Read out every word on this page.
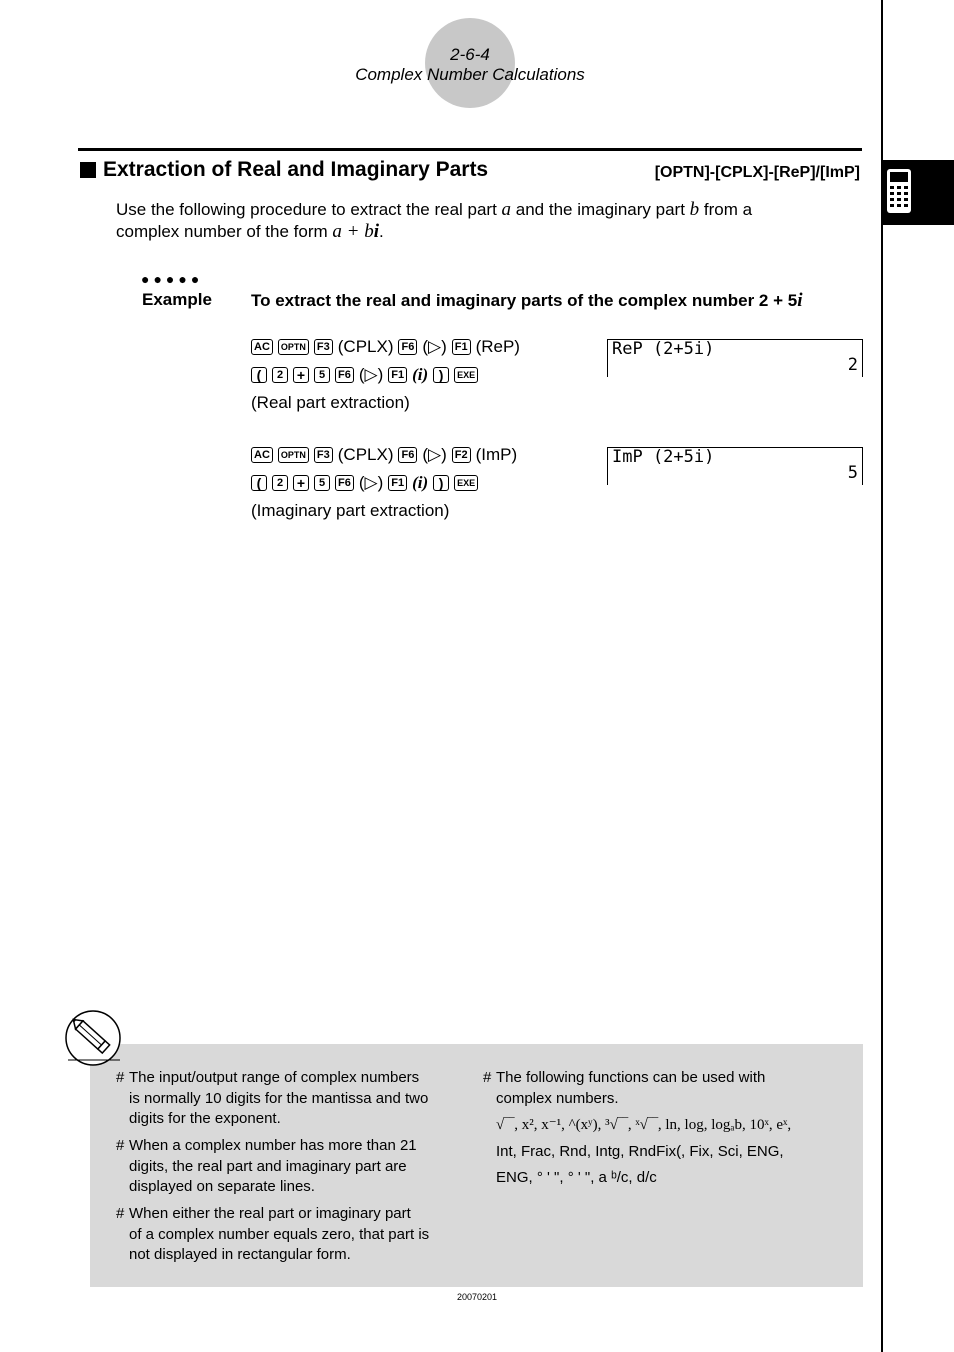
2-6-4
Complex Number Calculations
Extraction of Real and Imaginary Parts	[OPTN]-[CPLX]-[ReP]/[ImP]
Use the following procedure to extract the real part a and the imaginary part b from a
complex number of the form a + bi.
●●●●●
Example To extract the real and imaginary parts of the complex number 2 + 5i
AC	OPTN F3 (CPLX) F6 (▷) F1 (ReP)
(	2 +	5	F6 (▷) F1 (i) )	EXE
(Real part extraction)
ReP (2+5i)
2
AC	OPTN F3 (CPLX) F6 (▷) F2 (ImP)
(	2 +	5	F6 (▷) F1 (i) )	EXE
(Imaginary part extraction)
ImP (2+5i)
5
# The input/output range of complex numbers
is normally 10 digits for the mantissa and two
digits for the exponent.
# When a complex number has more than 21
digits, the real part and imaginary part are
displayed on separate lines.
# When either the real part or imaginary part
of a complex number equals zero, that part is
not displayed in rectangular form.
# The following functions can be used with
complex numbers.
√‾‾, x², x⁻¹, ^(xʸ), ³√‾‾, ˣ√‾‾, ln, log, logₐb, 10ˣ, eˣ,
Int, Frac, Rnd, Intg, RndFix(, Fix, Sci, ENG,
ENG, ° ' ", ° ' ", a ᵇ/c, d/c
20070201
